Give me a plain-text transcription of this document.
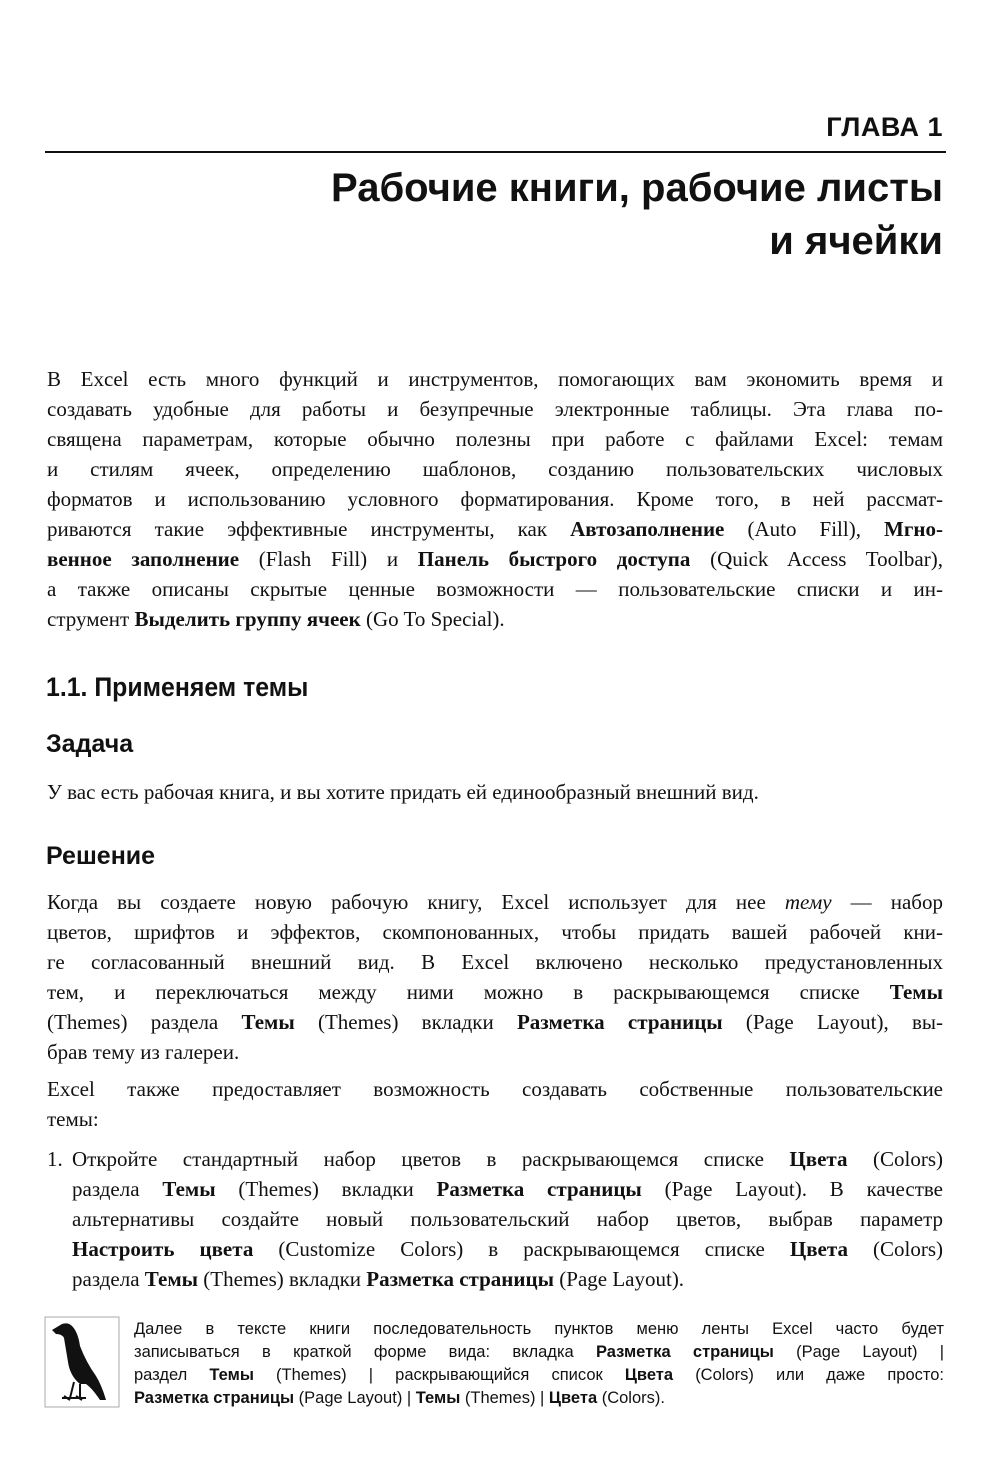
ГЛАВА 1
Рабочие книги, рабочие листы
и ячейки
В Excel есть много функций и инструментов, помогающих вам экономить время и
создавать удобные для работы и безупречные электронные таблицы. Эта глава по-
священа параметрам, которые обычно полезны при работе с файлами Excel: темам
и стилям ячеек, определению шаблонов, созданию пользовательских числовых
форматов и использованию условного форматирования. Кроме того, в ней рассмат-
риваются такие эффективные инструменты, как Автозаполнение (Auto Fill), Мгно-
венное заполнение (Flash Fill) и Панель быстрого доступа (Quick Access Toolbar),
а также описаны скрытые ценные возможности — пользовательские списки и ин-
струмент Выделить группу ячеек (Go To Special).
1.1. Применяем темы
Задача
У вас есть рабочая книга, и вы хотите придать ей единообразный внешний вид.
Решение
Когда вы создаете новую рабочую книгу, Excel использует для нее тему — набор
цветов, шрифтов и эффектов, скомпонованных, чтобы придать вашей рабочей кни-
ге согласованный внешний вид. В Excel включено несколько предустановленных
тем, и переключаться между ними можно в раскрывающемся списке Темы
(Themes) раздела Темы (Themes) вкладки Разметка страницы (Page Layout), вы-
брав тему из галереи.
Excel также предоставляет возможность создавать собственные пользовательские
темы:
1. Откройте стандартный набор цветов в раскрывающемся списке Цвета (Colors)
раздела Темы (Themes) вкладки Разметка страницы (Page Layout). В качестве
альтернативы создайте новый пользовательский набор цветов, выбрав параметр
Настроить цвета (Customize Colors) в раскрывающемся списке Цвета (Colors)
раздела Темы (Themes) вкладки Разметка страницы (Page Layout).
Далее в тексте книги последовательность пунктов меню ленты Excel часто будет
записываться в краткой форме вида: вкладка Разметка страницы (Page Layout) |
раздел Темы (Themes) | раскрывающийся список Цвета (Colors) или даже просто:
Разметка страницы (Page Layout) | Темы (Themes) | Цвета (Colors).
